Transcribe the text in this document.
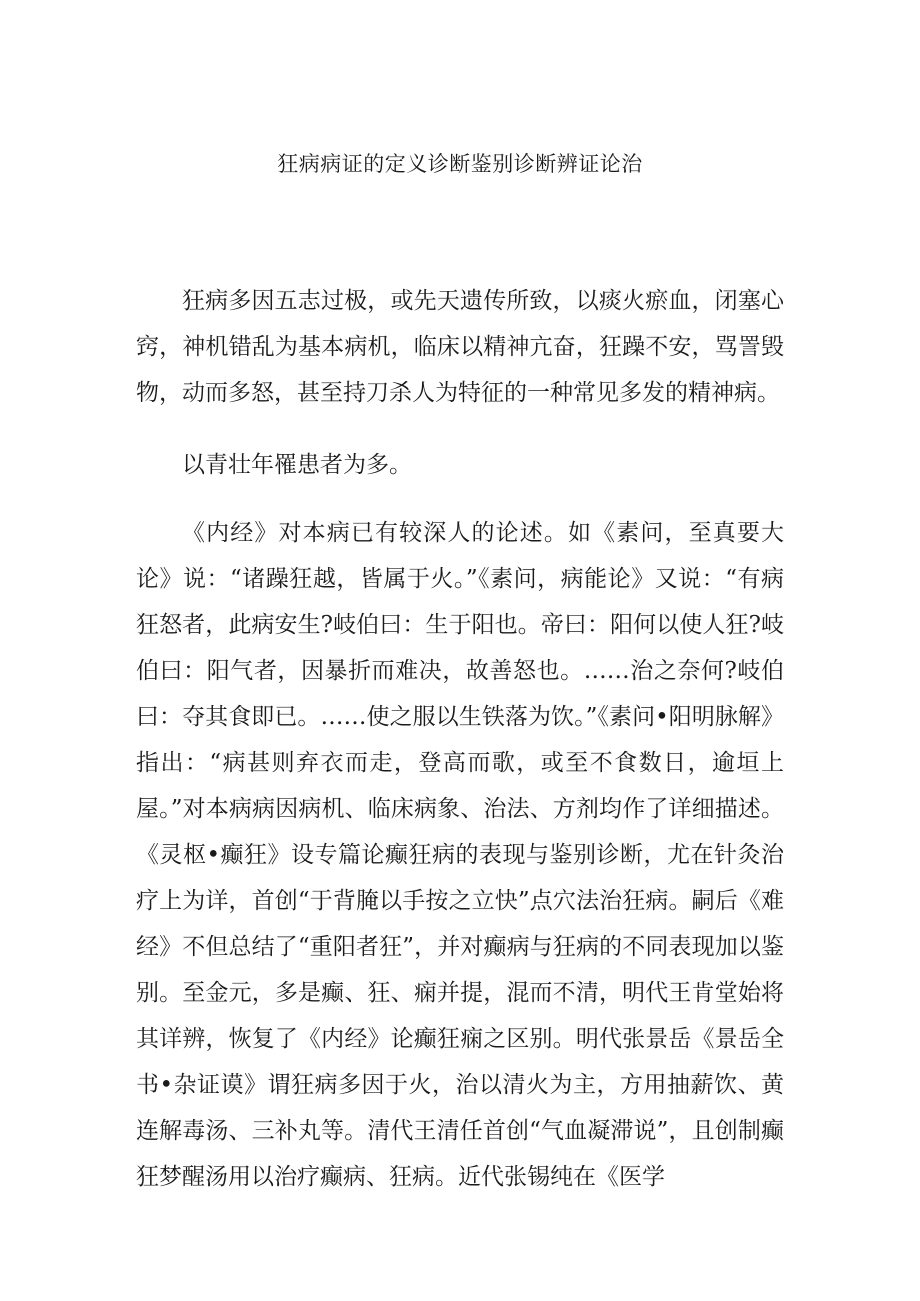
狂病病证的定义诊断鉴别诊断辨证论治

狂病多因五志过极，或先天遗传所致，以痰火瘀血，闭塞心窍，神机错乱为基本病机，临床以精神亢奋，狂躁不安，骂詈毁物，动而多怒，甚至持刀杀人为特征的一种常见多发的精神病。

以青壮年罹患者为多。

《内经》对本病已有较深人的论述。如《素问，至真要大论》说：“诸躁狂越，皆属于火。”《素问，病能论》又说：“有病狂怒者，此病安生?岐伯曰：生于阳也。帝曰：阳何以使人狂?岐伯曰：阳气者，因暴折而难决，故善怒也。……治之奈何?岐伯曰：夺其食即已。……使之服以生铁落为饮。”《素问•阳明脉解》指出：“病甚则弃衣而走，登高而歌，或至不食数日，逾垣上屋。”对本病病因病机、临床病象、治法、方剂均作了详细描述。《灵枢•癫狂》设专篇论癫狂病的表现与鉴别诊断，尤在针灸治疗上为详，首创“于背腌以手按之立快”点穴法治狂病。嗣后《难经》不但总结了“重阳者狂”，并对癫病与狂病的不同表现加以鉴别。至金元，多是癫、狂、痫并提，混而不清，明代王肯堂始将其详辨，恢复了《内经》论癫狂痫之区别。明代张景岳《景岳全书•杂证谟》谓狂病多因于火，治以清火为主，方用抽薪饮、黄连解毒汤、三补丸等。清代王清任首创“气血凝滞说”，且创制癫狂梦醒汤用以治疗癫病、狂病。近代张锡纯在《医学
